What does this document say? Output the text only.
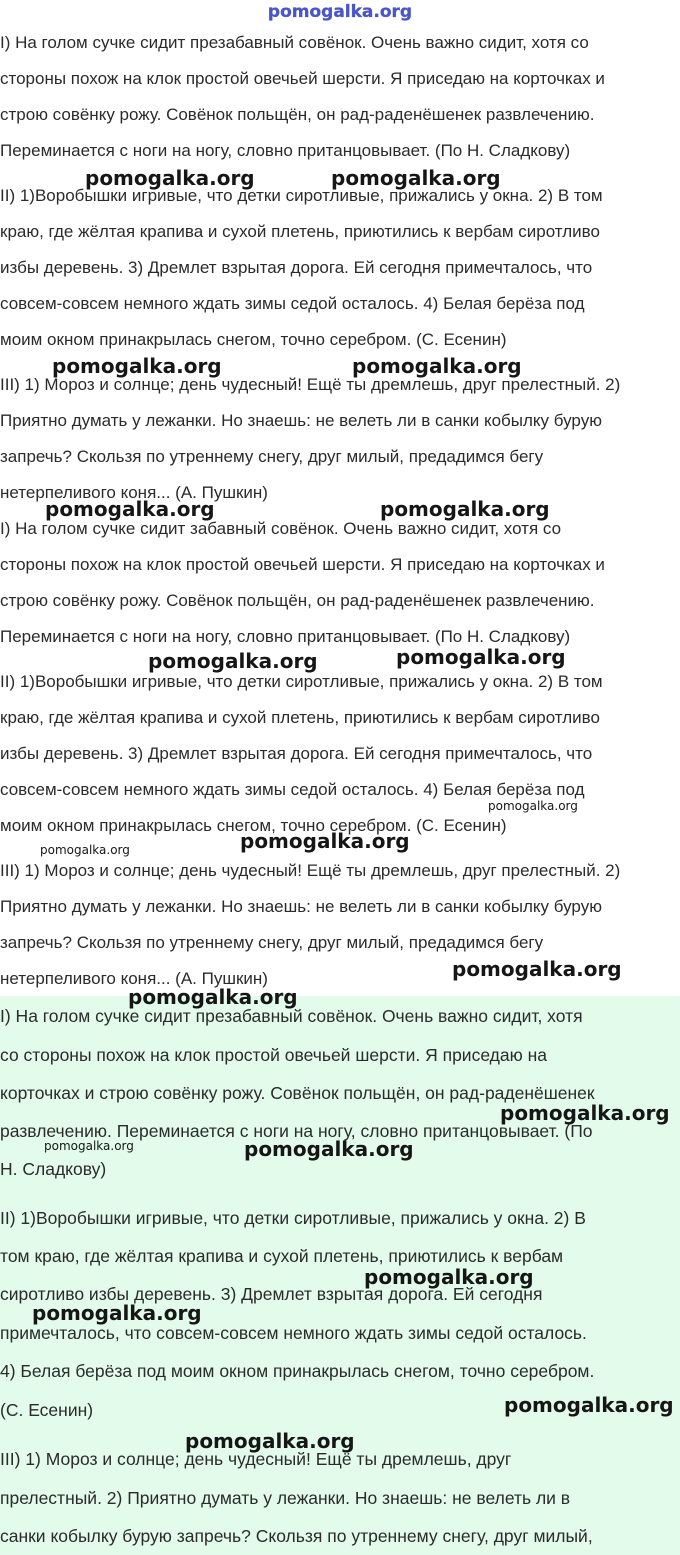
pomogalka.org
I) На голом сучке сидит презабавный совёнок. Очень важно сидит, хотя со
стороны похож на клок простой овечьей шерсти. Я приседаю на корточках и
строю совёнку рожу. Совёнок польщён, он рад-раденёшенек развлечению.
Переминается с ноги на ногу, словно пританцовывает. (По Н. Сладкову)
II) 1)Воробышки игривые, что детки сиротливые, прижались у окна. 2) В том
краю, где жёлтая крапива и сухой плетень, приютились к вербам сиротливо
избы деревень. 3) Дремлет взрытая дорога. Ей сегодня примечталось, что
совсем-совсем немного ждать зимы седой осталось. 4) Белая берёза под
моим окном принакрылась снегом, точно серебром. (С. Есенин)
III) 1) Мороз и солнце; день чудесный! Ещё ты дремлешь, друг прелестный. 2)
Приятно думать у лежанки. Но знаешь: не велеть ли в санки кобылку бурую
запречь? Скользя по утреннему снегу, друг милый, предадимся бегу
нетерпеливого коня... (А. Пушкин)
I) На голом сучке сидит забавный совёнок. Очень важно сидит, хотя со
стороны похож на клок простой овечьей шерсти. Я приседаю на корточках и
строю совёнку рожу. Совёнок польщён, он рад-раденёшенек развлечению.
Переминается с ноги на ногу, словно пританцовывает. (По Н. Сладкову)
II) 1)Воробышки игривые, что детки сиротливые, прижались у окна. 2) В том
краю, где жёлтая крапива и сухой плетень, приютились к вербам сиротливо
избы деревень. 3) Дремлет взрытая дорога. Ей сегодня примечталось, что
совсем-совсем немного ждать зимы седой осталось. 4) Белая берёза под
моим окном принакрылась снегом, точно серебром. (С. Есенин)
III) 1) Мороз и солнце; день чудесный! Ещё ты дремлешь, друг прелестный. 2)
Приятно думать у лежанки. Но знаешь: не велеть ли в санки кобылку бурую
запречь? Скользя по утреннему снегу, друг милый, предадимся бегу
нетерпеливого коня... (А. Пушкин)
I) На голом сучке сидит презабавный совёнок. Очень важно сидит, хотя
со стороны похож на клок простой овечьей шерсти. Я приседаю на
корточках и строю совёнку рожу. Совёнок польщён, он рад-раденёшенек
развлечению. Переминается с ноги на ногу, словно пританцовывает. (По
Н. Сладкову)
II) 1)Воробышки игривые, что детки сиротливые, прижались у окна. 2) В
том краю, где жёлтая крапива и сухой плетень, приютились к вербам
сиротливо избы деревень. 3) Дремлет взрытая дорога. Ей сегодня
примечталось, что совсем-совсем немного ждать зимы седой осталось.
4) Белая берёза под моим окном принакрылась снегом, точно серебром.
(С. Есенин)
III) 1) Мороз и солнце; день чудесный! Ещё ты дремлешь, друг
прелестный. 2) Приятно думать у лежанки. Но знаешь: не велеть ли в
санки кобылку бурую запречь? Скользя по утреннему снегу, друг милый,
pomogalka.org	pomogalka.org
pomogalka.org	pomogalka.org
pomogalka.org	pomogalka.org
pomogalka.org	pomogalka.org
pomogalka.org
pomogalka.org	pomogalka.org
pomogalka.org
pomogalka.org
pomogalka.org
pomogalka.org	pomogalka.org
pomogalka.org
pomogalka.org
pomogalka.org
pomogalka.org
